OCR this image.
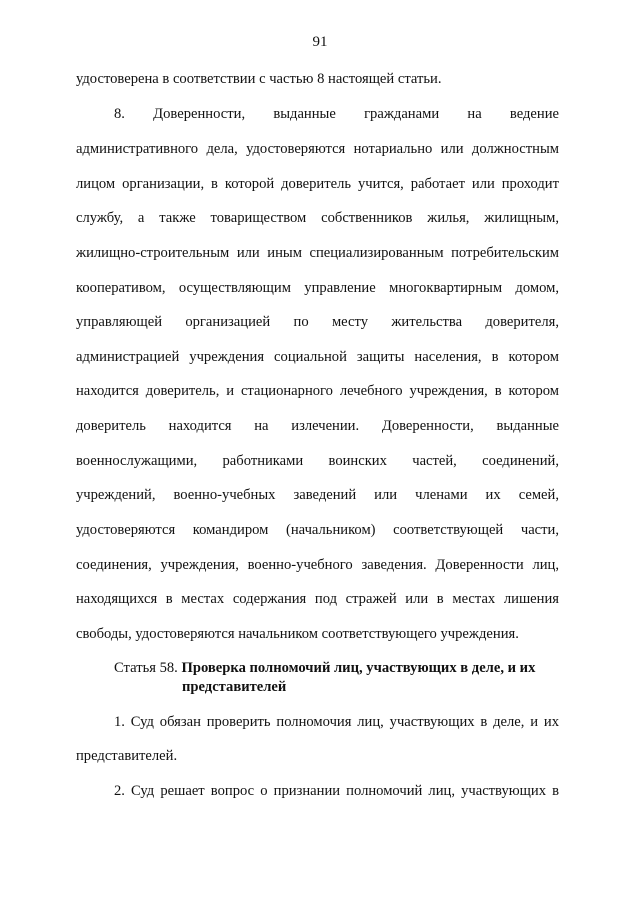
91
удостоверена в соответствии с частью 8 настоящей статьи.
8. Доверенности, выданные гражданами на ведение
административного дела, удостоверяются нотариально или должностным
лицом организации, в которой доверитель учится, работает или проходит
службу, а также товариществом собственников жилья, жилищным,
жилищно-строительным или иным специализированным потребительским
кооперативом, осуществляющим управление многоквартирным домом,
управляющей организацией по месту жительства доверителя,
администрацией учреждения социальной защиты населения, в котором
находится доверитель, и стационарного лечебного учреждения, в котором
доверитель находится на излечении. Доверенности, выданные
военнослужащими, работниками воинских частей, соединений,
учреждений, военно-учебных заведений или членами их семей,
удостоверяются командиром (начальником) соответствующей части,
соединения, учреждения, военно-учебного заведения. Доверенности лиц,
находящихся в местах содержания под стражей или в местах лишения
свободы, удостоверяются начальником соответствующего учреждения.
Статья 58. Проверка полномочий лиц, участвующих в деле, и их
представителей
1. Суд обязан проверить полномочия лиц, участвующих в деле, и их
представителей.
2. Суд решает вопрос о признании полномочий лиц, участвующих в
